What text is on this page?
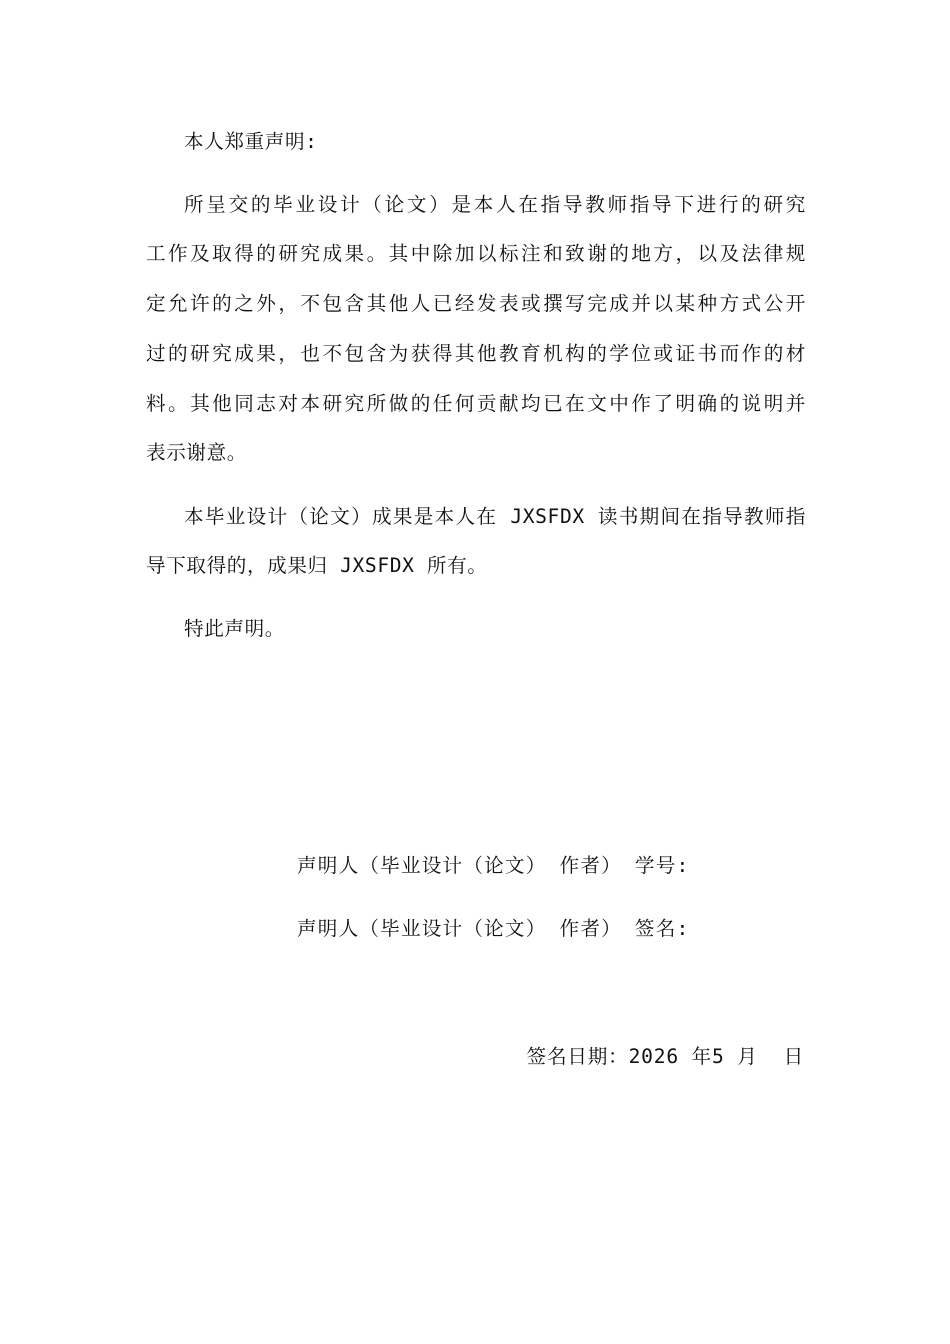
本人郑重声明:
所呈交的毕业设计（论文）是本人在指导教师指导下进行的研究
工作及取得的研究成果。其中除加以标注和致谢的地方，以及法律规
定允许的之外，不包含其他人已经发表或撰写完成并以某种方式公开
过的研究成果，也不包含为获得其他教育机构的学位或证书而作的材
料。其他同志对本研究所做的任何贡献均已在文中作了明确的说明并
表示谢意。
本毕业设计（论文）成果是本人在 JXSFDX 读书期间在指导教师指
导下取得的，成果归 JXSFDX 所有。
特此声明。
声明人（毕业设计（论文） 作者） 学号:
声明人（毕业设计（论文） 作者） 签名:
签名日期：2026 年5 月 日
